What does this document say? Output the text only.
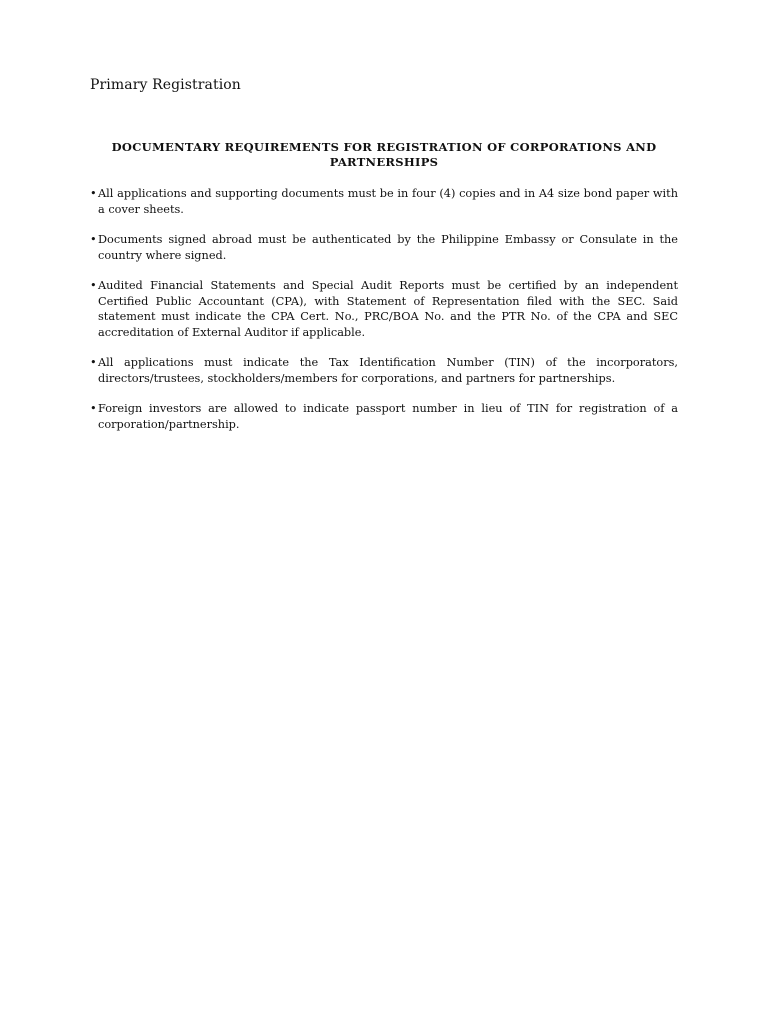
Primary Registration
DOCUMENTARY REQUIREMENTS FOR REGISTRATION OF CORPORATIONS AND PARTNERSHIPS
• All applications and supporting documents must be in four (4) copies and in A4 size bond paper with a cover sheets.
• Documents signed abroad must be authenticated by the Philippine Embassy or Consulate in the country where signed.
• Audited Financial Statements and Special Audit Reports must be certified by an independent Certified Public Accountant (CPA), with Statement of Representation filed with the SEC. Said statement must indicate the CPA Cert. No., PRC/BOA No. and the PTR No. of the CPA and SEC accreditation of External Auditor if applicable.
• All applications must indicate the Tax Identification Number (TIN) of the incorporators, directors/trustees, stockholders/members for corporations, and partners for partnerships.
• Foreign investors are allowed to indicate passport number in lieu of TIN for registration of a corporation/partnership.
